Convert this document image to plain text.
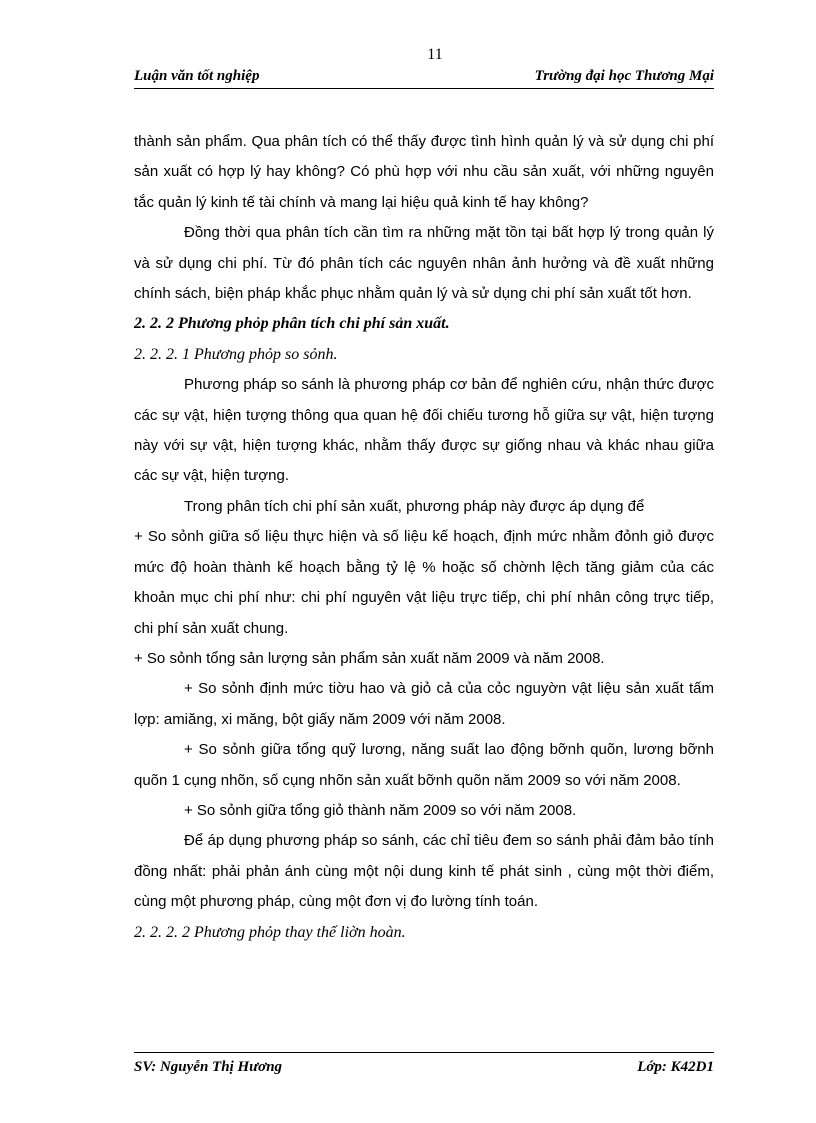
11
Luận văn tốt nghiệp	Trường đại học Thương Mại

thành sản phẩm. Qua phân tích có thể thấy được tình hình quản lý và sử dụng chi phí sản xuất có hợp lý hay không? Có phù hợp với nhu cầu sản xuất, với những nguyên tắc quản lý kinh tế tài chính và mang lại hiệu quả kinh tế hay không?

Đồng thời qua phân tích cần tìm ra những mặt tồn tại bất hợp lý trong quản lý và sử dụng chi phí. Từ đó phân tích các nguyên nhân ảnh hưởng và đề xuất những chính sách, biện pháp khắc phục nhằm quản lý và sử dụng chi phí sản xuất tốt hơn.

2. 2. 2 Phương phỏp phân tích chi phí sản xuất.

2. 2. 2. 1 Phương phỏp so sỏnh.

Phương pháp so sánh là phương pháp cơ bản để nghiên cứu, nhận thức được các sự vật, hiện tượng thông qua quan hệ đối chiếu tương hỗ giữa sự vật, hiện tượng này với sự vật, hiện tượng khác, nhằm thấy được sự giống nhau và khác nhau giữa các sự vật, hiện tượng.

Trong phân tích chi phí sản xuất, phương pháp này được áp dụng để

+ So sỏnh giữa số liệu thực hiện và số liệu kế hoạch, định mức nhằm đỏnh giỏ được mức độ hoàn thành kế hoạch bằng tỷ lệ % hoặc số chờnh lệch tăng giảm của các khoản mục chi phí như: chi phí nguyên vật liệu trực tiếp, chi phí nhân công trực tiếp, chi phí sản xuất chung.

+ So sỏnh tổng sản lượng sản phẩm sản xuất năm 2009 và năm 2008.

+ So sỏnh định mức tiờu hao và giỏ cả của cỏc nguyờn vật liệu sản xuất tấm lợp: amiăng, xi măng, bột giấy năm 2009 với năm 2008.

+ So sỏnh giữa tổng quỹ lương, năng suất lao động bỡnh quõn, lương bỡnh quõn 1 cụng nhõn, số cụng nhõn sản xuất bỡnh quõn năm 2009 so với năm 2008.

+ So sỏnh giữa tổng giỏ thành năm 2009 so với năm 2008.

Để áp dụng phương pháp so sánh, các chỉ tiêu đem so sánh phải đảm bảo tính đồng nhất: phải phản ánh cùng một nội dung kinh tế phát sinh , cùng một thời điểm, cùng một phương pháp, cùng một đơn vị đo lường tính toán.

2. 2. 2. 2 Phương phỏp thay thế liờn hoàn.

SV: Nguyễn Thị Hương	Lớp: K42D1
